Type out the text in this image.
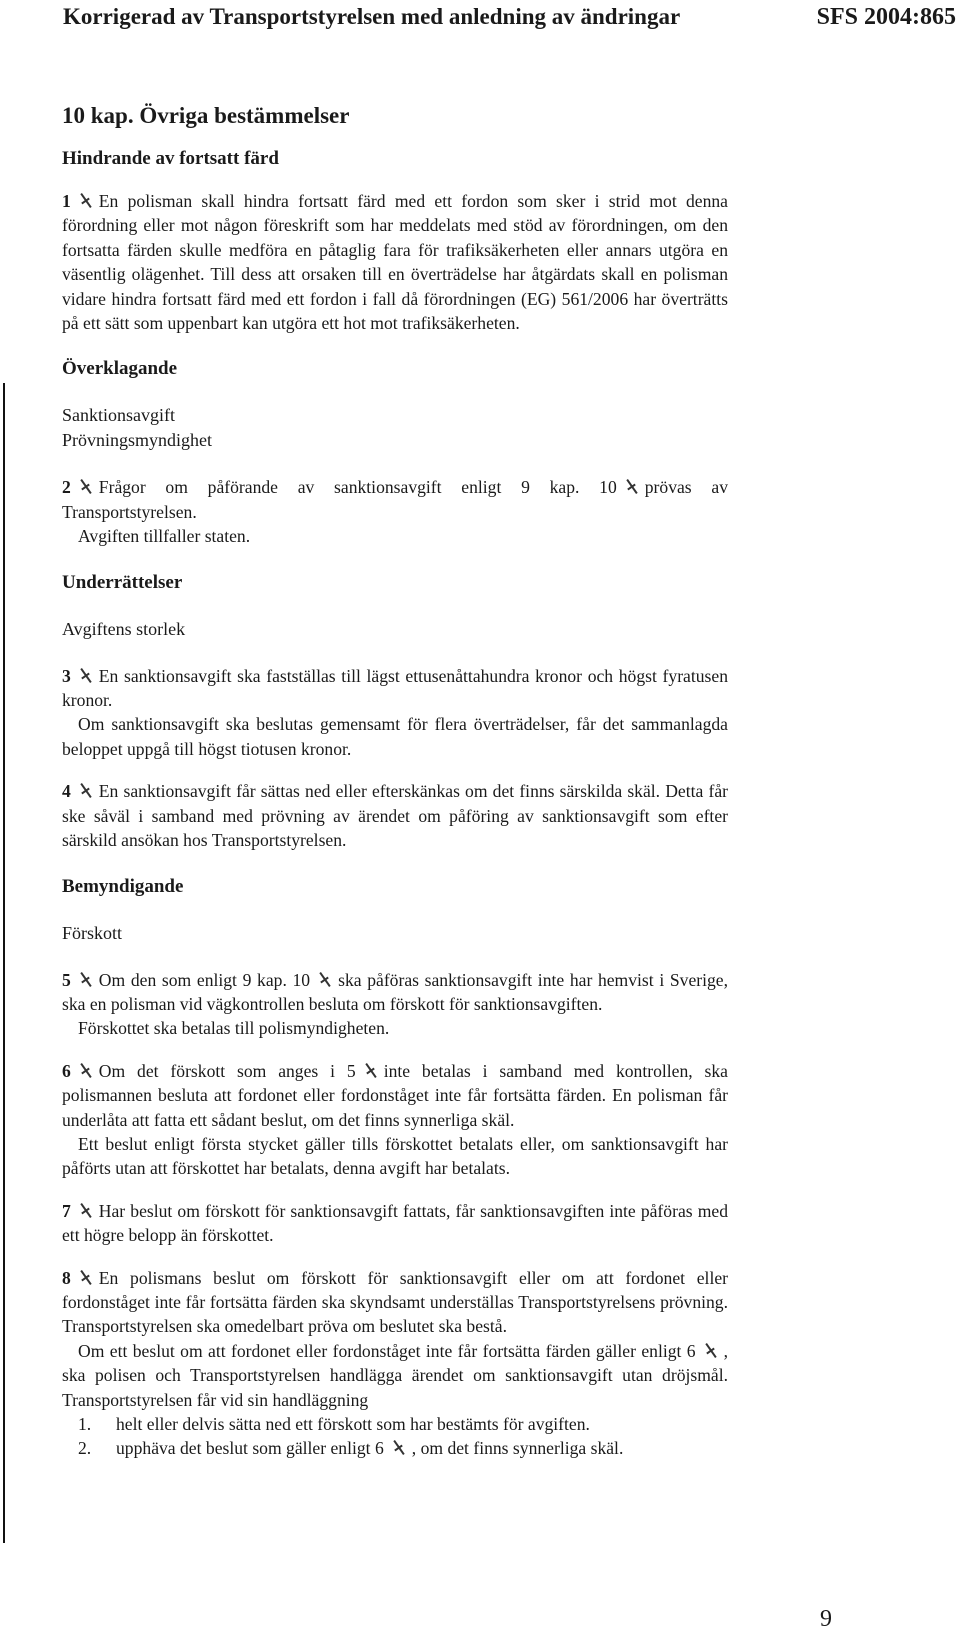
Korrigerad av Transportstyrelsen med anledning av ändringar	SFS 2004:865
10 kap. Övriga bestämmelser
Hindrande av fortsatt färd

1 En polisman skall hindra fortsatt färd med ett fordon som sker i strid mot denna förordning eller mot någon föreskrift som har meddelats med stöd av förordningen, om den fortsatta färden skulle medföra en påtaglig fara för trafiksäkerheten eller annars utgöra en väsentlig olägenhet. Till dess att orsaken till en överträdelse har åtgärdats skall en polisman vidare hindra fortsatt färd med ett fordon i fall då förordningen (EG) 561/2006 har överträtts på ett sätt som uppenbart kan utgöra ett hot mot trafiksäkerheten.

Överklagande
Sanktionsavgift
Prövningsmyndighet

2 Frågor om påförande av sanktionsavgift enligt 9 kap. 10 prövas av Transportstyrelsen.

Avgiften tillfaller staten.

Underrättelser
Avgiftens storlek

3 En sanktionsavgift ska fastställas till lägst ettusenåttahundra kronor och högst fyratusen kronor.

Om sanktionsavgift ska beslutas gemensamt för flera överträdelser, får det sammanlagda beloppet uppgå till högst tiotusen kronor.

4 En sanktionsavgift får sättas ned eller efterskänkas om det finns särskilda skäl. Detta får ske såväl i samband med prövning av ärendet om påföring av sanktionsavgift som efter särskild ansökan hos Transportstyrelsen.

Bemyndigande
Förskott

5 Om den som enligt 9 kap. 10 ska påföras sanktionsavgift inte har hemvist i Sverige, ska en polisman vid vägkontrollen besluta om förskott för sanktionsavgiften.

Förskottet ska betalas till polismyndigheten.

6 Om det förskott som anges i 5 inte betalas i samband med kontrollen, ska polismannen besluta att fordonet eller fordonståget inte får fortsätta färden. En polisman får underlåta att fatta ett sådant beslut, om det finns synnerliga skäl.

Ett beslut enligt första stycket gäller tills förskottet betalats eller, om sanktionsavgift har påförts utan att förskottet har betalats, denna avgift har betalats.

7 Har beslut om förskott för sanktionsavgift fattats, får sanktionsavgiften inte påföras med ett högre belopp än förskottet.

8 En polismans beslut om förskott för sanktionsavgift eller om att fordonet eller fordonståget inte får fortsätta färden ska skyndsamt underställas Transportstyrelsens prövning. Transportstyrelsen ska omedelbart pröva om beslutet ska bestå.

Om ett beslut om att fordonet eller fordonståget inte får fortsätta färden gäller enligt 6 , ska polisen och Transportstyrelsen handlägga ärendet om sanktionsavgift utan dröjsmål. Transportstyrelsen får vid sin handläggning

1.	helt eller delvis sätta ned ett förskott som har bestämts för avgiften.
2.	upphäva det beslut som gäller enligt 6 , om det finns synnerliga skäl.
9
